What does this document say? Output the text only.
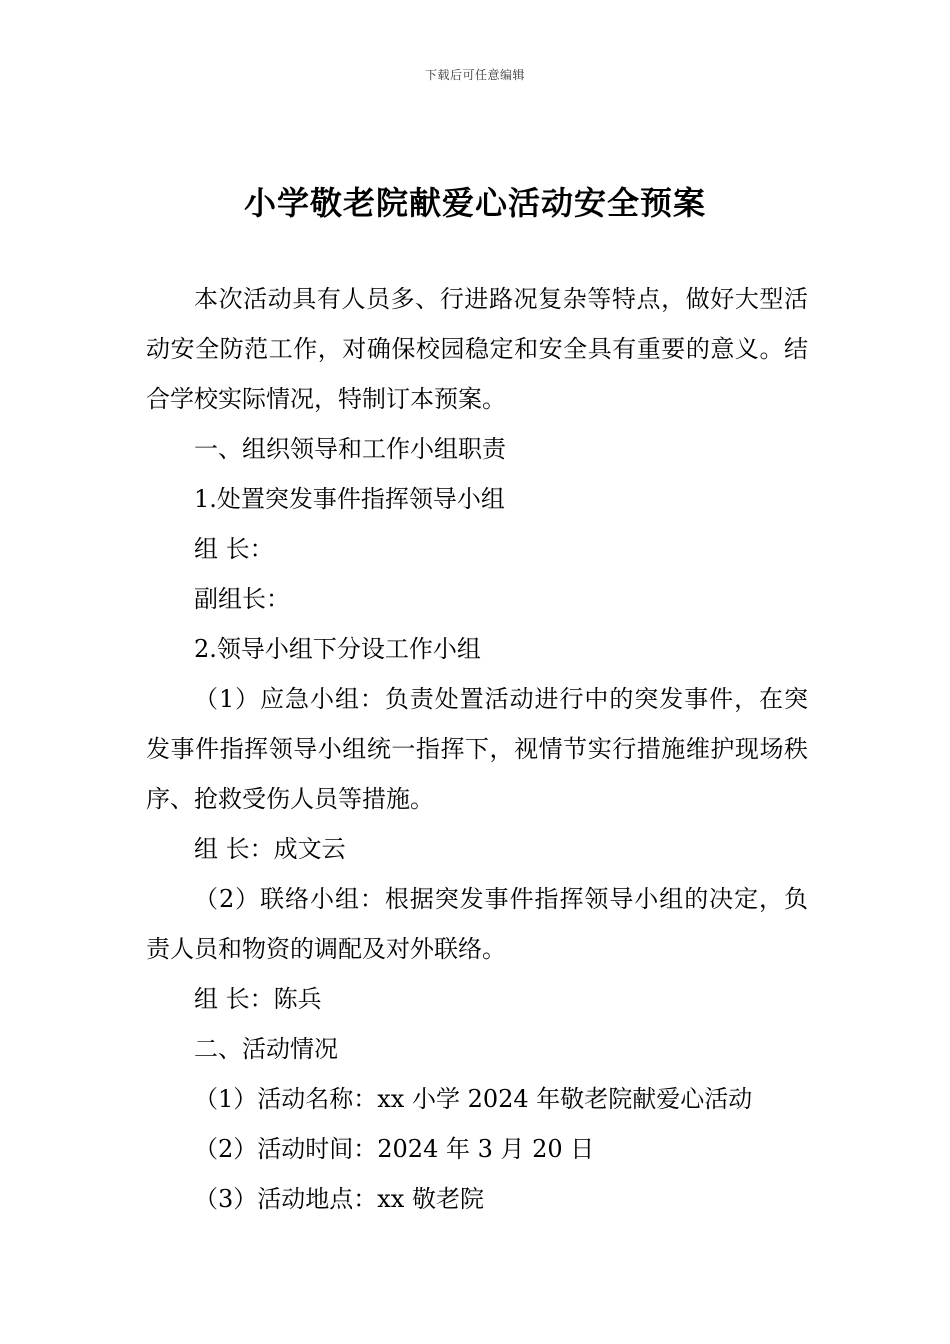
下载后可任意编辑
小学敬老院献爱心活动安全预案

本次活动具有人员多、行进路况复杂等特点，做好大型活动安全防范工作，对确保校园稳定和安全具有重要的意义。结合学校实际情况，特制订本预案。

一、组织领导和工作小组职责

1.处置突发事件指挥领导小组

组 长：

副组长：

2.领导小组下分设工作小组

（1）应急小组：负责处置活动进行中的突发事件，在突发事件指挥领导小组统一指挥下，视情节实行措施维护现场秩序、抢救受伤人员等措施。

组 长：成文云

（2）联络小组：根据突发事件指挥领导小组的决定，负责人员和物资的调配及对外联络。

组 长：陈兵

二、活动情况

（1）活动名称：xx 小学 2024 年敬老院献爱心活动

（2）活动时间：2024 年 3 月 20 日

（3）活动地点：xx 敬老院
